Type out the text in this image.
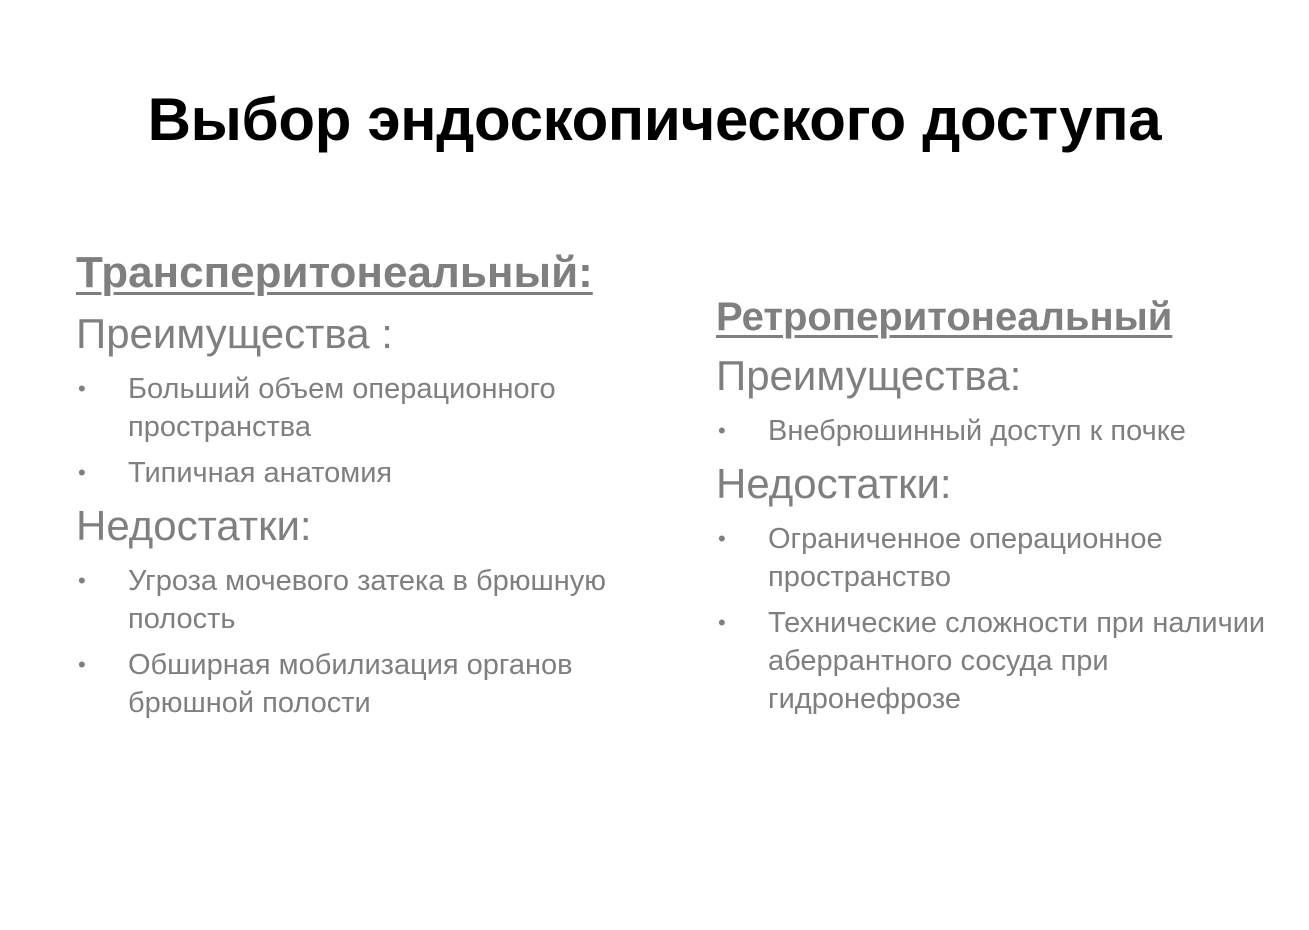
Выбор эндоскопического доступа
Трансперитонеальный:
Преимущества :
• Больший объем операционного пространства
• Типичная анатомия
Недостатки:
• Угроза мочевого затека в брюшную полость
• Обширная мобилизация органов брюшной полости
Ретроперитонеальный
Преимущества:
• Внебрюшинный доступ к почке
Недостатки:
• Ограниченное операционное пространство
• Технические сложности при наличии аберрантного сосуда при гидронефрозе
